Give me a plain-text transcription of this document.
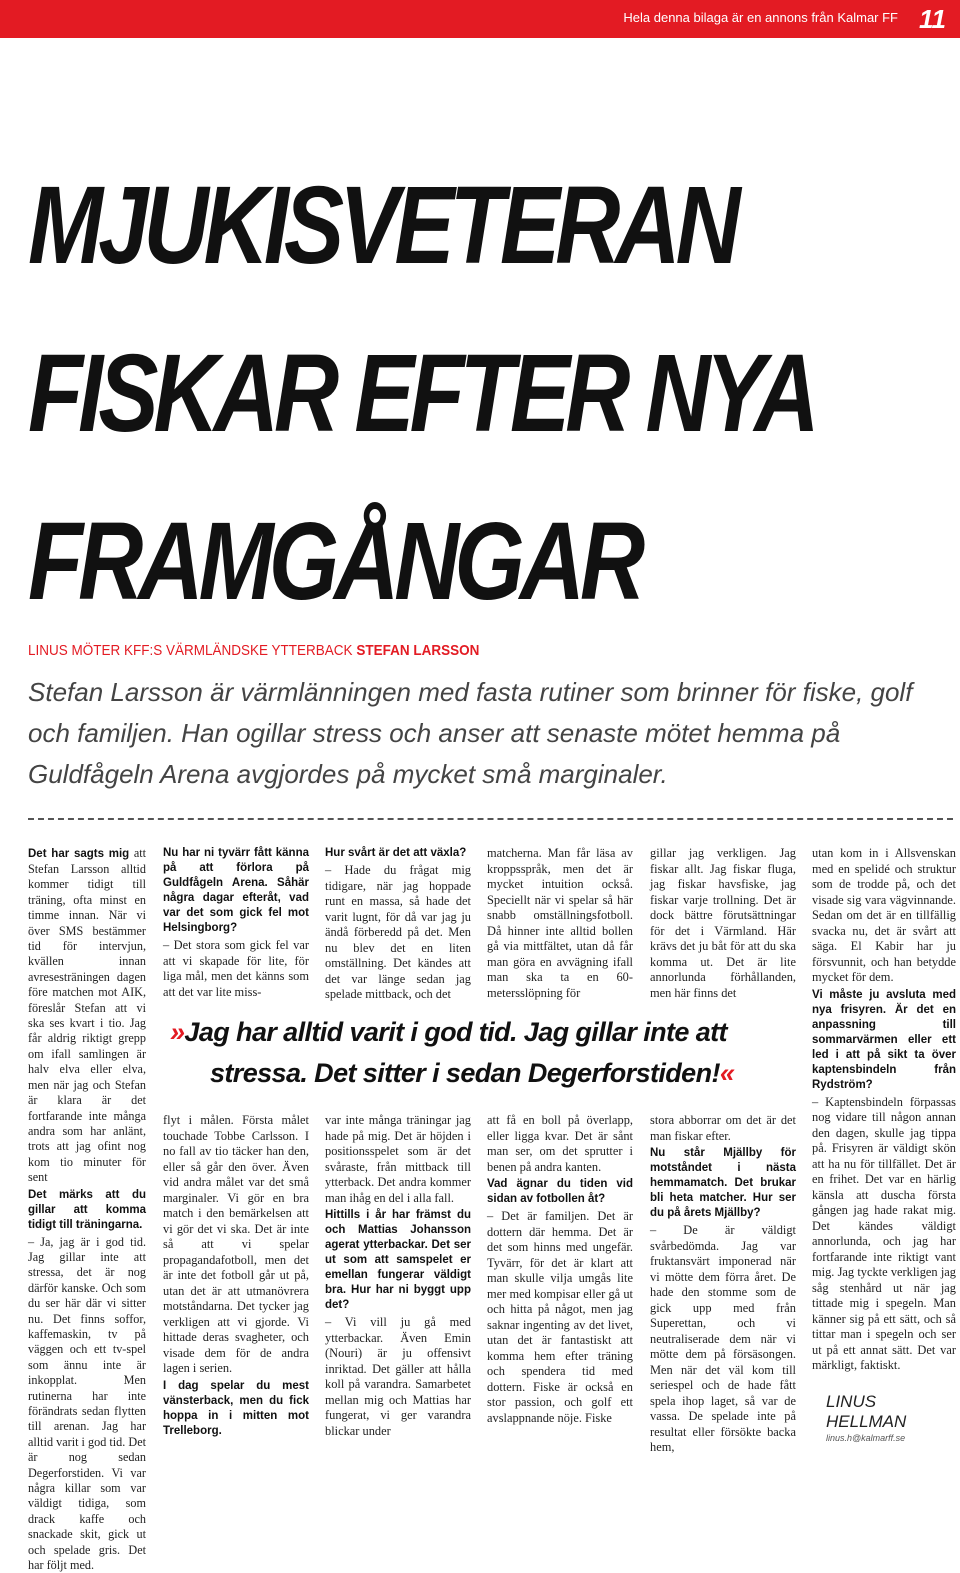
Hela denna bilaga är en annons från Kalmar FF 11
MJUKISVETERAN
FISKAR EFTER NYA
FRAMGÅNGAR
LINUS MÖTER KFF:S VÄRMLÄNDSKE YTTERBACK STEFAN LARSSON
Stefan Larsson är värmlänningen med fasta rutiner som brinner för fiske, golf och familjen. Han ogillar stress och anser att senaste mötet hemma på Guldfågeln Arena avgjordes på mycket små marginaler.

Det har sagts mig att Stefan Larsson alltid kommer tidigt till träning, ofta minst en timme innan. När vi över SMS bestämmer tid för intervjun, kvällen innan avresesträningen dagen före matchen mot AIK, föreslår Stefan att vi ska ses kvart i tio. Jag får aldrig riktigt grepp om ifall samlingen är halv elva eller elva, men när jag och Stefan är klara är det fortfarande inte många andra som har anlänt, trots att jag ofint nog kom tio minuter för sent

Det märks att du gillar att komma tidigt till träningarna.

– Ja, jag är i god tid. Jag gillar inte att stressa, det är nog därför kanske. Och som du ser här där vi sitter nu. Det finns soffor, kaffemaskin, tv på väggen och ett tv-spel som ännu inte är inkopplat. Men rutinerna har inte förändrats sedan flytten till arenan. Jag har alltid varit i god tid. Det är nog sedan Degerforstiden. Vi var några killar som var väldigt tidiga, som drack kaffe och snackade skit, gick ut och spelade gris. Det har följt med.

Nu har ni tyvärr fått känna på att förlora på Guldfågeln Arena. Såhär några dagar efteråt, vad var det som gick fel mot Helsingborg?

– Det stora som gick fel var att vi skapade för lite, för liga mål, men det känns som att det var lite miss-

flyt i målen. Första målet touchade Tobbe Carlsson. I no fall av tio täcker han den, eller så går den över. Även vid andra målet var det små marginaler. Vi gör en bra match i den bemärkelsen att vi gör det vi ska. Det är inte så att vi spelar propagandafotboll, men det är inte det fotboll går ut på, utan det är att utmanövrera motståndarna. Det tycker jag verkligen att vi gjorde. Vi hittade deras svagheter, och visade dem för de andra lagen i serien.

I dag spelar du mest vänsterback, men du fick hoppa in i mitten mot Trelleborg.

Hur svårt är det att växla?

– Hade du frågat mig tidigare, när jag hoppade runt en massa, så hade det varit lugnt, för då var jag ju ändå förberedd på det. Men nu blev det en liten omställning. Det kändes att det var länge sedan jag spelade mittback, och det

var inte många träningar jag hade på mig. Det är höjden i positionsspelet som är det svåraste, från mittback till ytterback. Det andra kommer man ihåg en del i alla fall.

Hittills i år har främst du och Mattias Johansson agerat ytterbackar. Det ser ut som att samspelet er emellan fungerar väldigt bra. Hur har ni byggt upp det?

– Vi vill ju gå med ytterbackar. Även Emin (Nouri) är ju offensivt inriktad. Det gäller att hålla koll på varandra. Samarbetet mellan mig och Mattias har fungerat, vi ger varandra blickar under

matcherna. Man får läsa av kroppsspråk, men det är mycket intuition också. Speciellt när vi spelar så här snabb omställningsfotboll. Då hinner inte alltid bollen gå via mittfältet, utan då får man göra en avvägning ifall man ska ta en 60-metersslöpning för

att få en boll på överlapp, eller ligga kvar. Det är sånt man ser, om det sprutter i benen på andra kanten.

Vad ägnar du tiden vid sidan av fotbollen åt?

– Det är familjen. Det är dottern där hemma. Det är det som hinns med ungefär. Tyvärr, för det är klart att man skulle vilja umgås lite mer med kompisar eller gå ut och hitta på något, men jag saknar ingenting av det livet, utan det är fantastiskt att komma hem efter träning och spendera tid med dottern. Fiske är också en stor passion, och golf ett avslappnande nöje. Fiske

gillar jag verkligen. Jag fiskar allt. Jag fiskar fluga, jag fiskar havsfiske, jag fiskar varje trollning. Det är dock bättre förutsättningar för det i Värmland. Här krävs det ju båt för att du ska komma ut. Det är lite annorlunda förhållanden, men här finns det

stora abborrar om det är det man fiskar efter.

Nu står Mjällby för motståndet i nästa hemmamatch. Det brukar bli heta matcher. Hur ser du på årets Mjällby?

– De är väldigt svårbedömda. Jag var fruktansvärt imponerad när vi mötte dem förra året. De hade den stomme som de gick upp med från Superettan, och vi neutraliserade dem när vi mötte dem på försäsongen. Men när det väl kom till seriespel och de hade fått spela ihop laget, så var de vassa. De spelade inte på resultat eller försökte backa hem,

utan kom in i Allsvenskan med en spelidé och struktur som de trodde på, och det visade sig vara vägvinnande. Sedan om det är en tillfällig svacka nu, det är svårt att säga. El Kabir har ju försvunnit, och han betydde mycket för dem.

Vi måste ju avsluta med nya frisyren. Är det en anpassning till sommarvärmen eller ett led i att på sikt ta över kaptensbindeln från Rydström?

– Kaptensbindeln förpassas nog vidare till någon annan den dagen, skulle jag tippa på. Frisyren är väldigt skön att ha nu för tillfället. Det är en frihet. Det var en härlig känsla att duscha första gången jag hade rakat mig. Det kändes väldigt annorlunda, och jag har fortfarande inte riktigt vant mig. Jag tyckte verkligen jag såg stenhård ut när jag tittade mig i spegeln. Man känner sig på ett sätt, och så tittar man i spegeln och ser ut på ett annat sätt. Det var märkligt, faktiskt.

»Jag har alltid varit i god tid. Jag gillar inte att
stressa. Det sitter i sedan Degerforstiden!«
LINUS HELLMAN
linus.h@kalmarff.se
